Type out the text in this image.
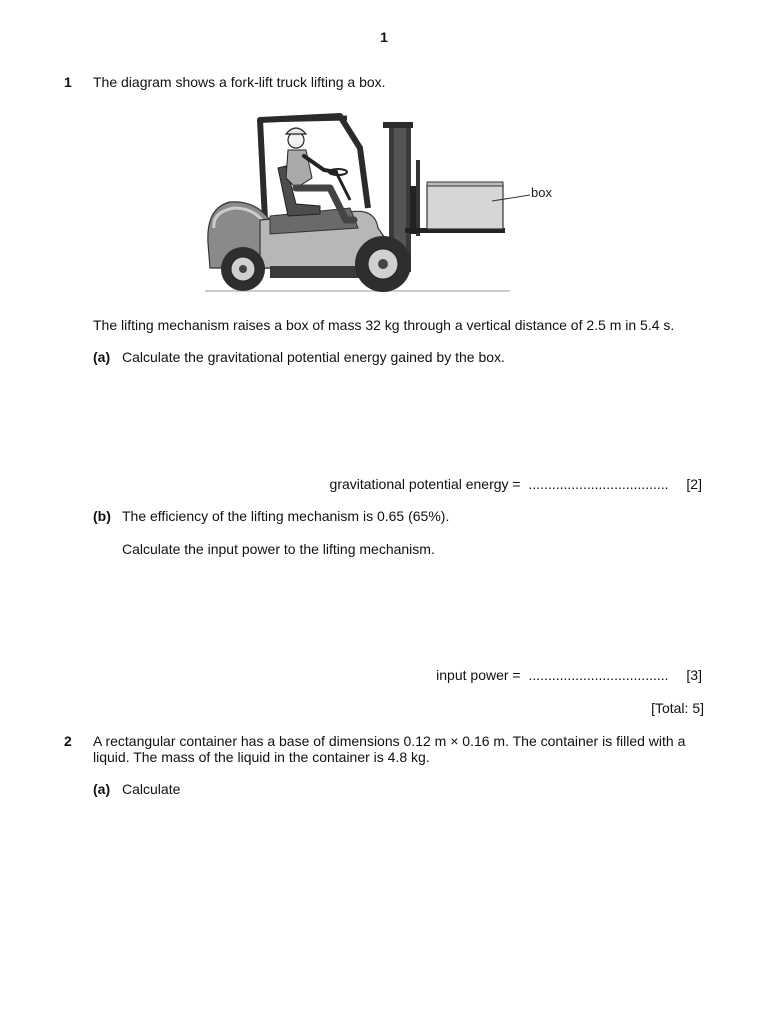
1
1 The diagram shows a fork-lift truck lifting a box.
box
The lifting mechanism raises a box of mass 32 kg through a vertical distance of 2.5 m in 5.4 s.
(a) Calculate the gravitational potential energy gained by the box.
gravitational potential energy = .................................... [2]
(b) The efficiency of the lifting mechanism is 0.65 (65%).
Calculate the input power to the lifting mechanism.
input power = .................................... [3]
[Total: 5]
2 A rectangular container has a base of dimensions 0.12 m × 0.16 m. The container is filled with a
liquid. The mass of the liquid in the container is 4.8 kg.
(a) Calculate
